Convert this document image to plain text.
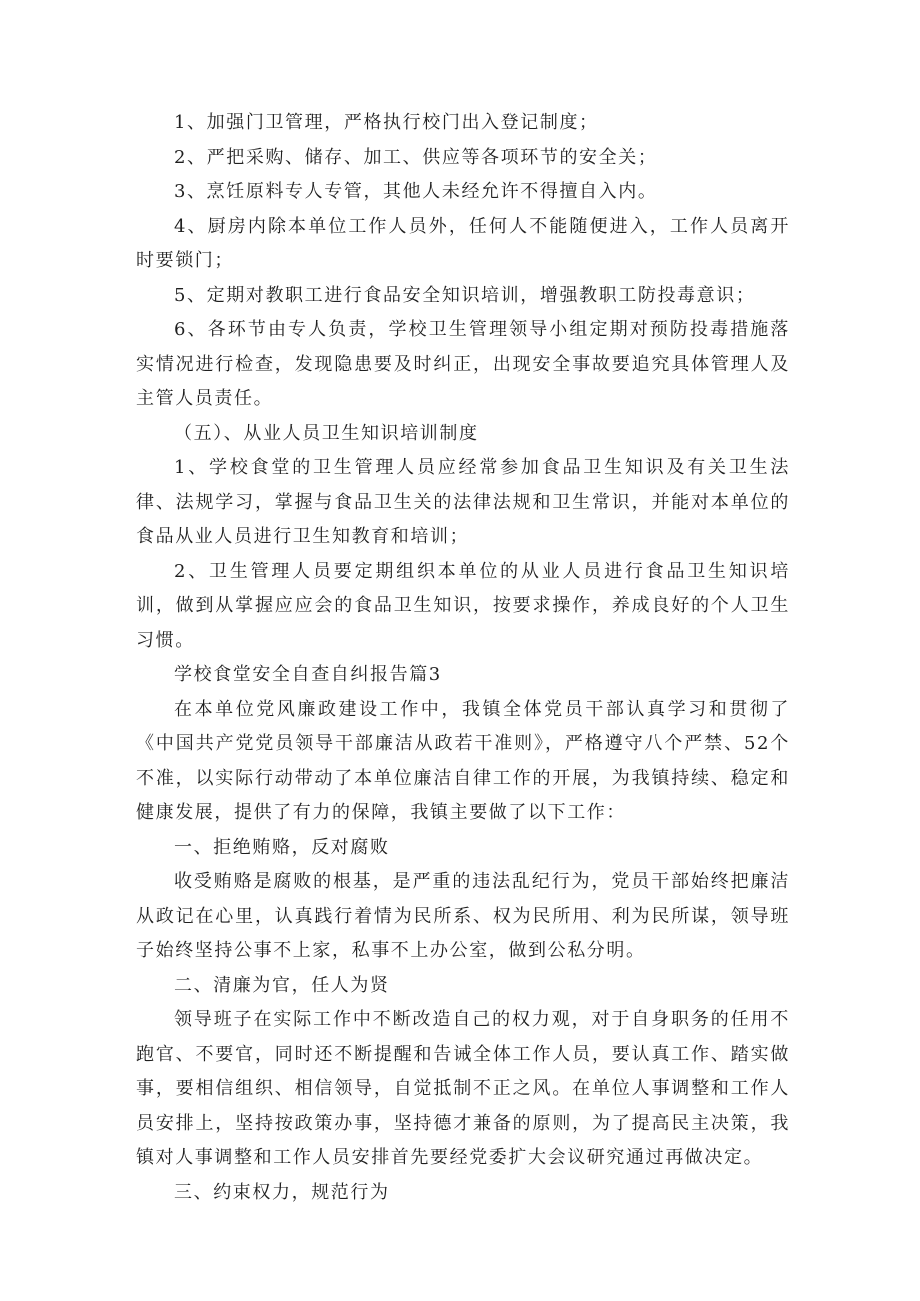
1、加强门卫管理，严格执行校门出入登记制度；

2、严把采购、储存、加工、供应等各项环节的安全关；

3、烹饪原料专人专管，其他人未经允许不得擅自入内。

4、厨房内除本单位工作人员外，任何人不能随便进入，工作人员离开时要锁门；

5、定期对教职工进行食品安全知识培训，增强教职工防投毒意识；

6、各环节由专人负责，学校卫生管理领导小组定期对预防投毒措施落实情况进行检查，发现隐患要及时纠正，出现安全事故要追究具体管理人及主管人员责任。

（五）、从业人员卫生知识培训制度

1、学校食堂的卫生管理人员应经常参加食品卫生知识及有关卫生法律、法规学习，掌握与食品卫生关的法律法规和卫生常识，并能对本单位的食品从业人员进行卫生知教育和培训；

2、卫生管理人员要定期组织本单位的从业人员进行食品卫生知识培训，做到从掌握应应会的食品卫生知识，按要求操作，养成良好的个人卫生习惯。

学校食堂安全自查自纠报告篇3

在本单位党风廉政建设工作中，我镇全体党员干部认真学习和贯彻了《中国共产党党员领导干部廉洁从政若干准则》，严格遵守八个严禁、52个不准，以实际行动带动了本单位廉洁自律工作的开展，为我镇持续、稳定和健康发展，提供了有力的保障，我镇主要做了以下工作：

一、拒绝贿赂，反对腐败

收受贿赂是腐败的根基，是严重的违法乱纪行为，党员干部始终把廉洁从政记在心里，认真践行着情为民所系、权为民所用、利为民所谋，领导班子始终坚持公事不上家，私事不上办公室，做到公私分明。

二、清廉为官，任人为贤

领导班子在实际工作中不断改造自己的权力观，对于自身职务的任用不跑官、不要官，同时还不断提醒和告诫全体工作人员，要认真工作、踏实做事，要相信组织、相信领导，自觉抵制不正之风。在单位人事调整和工作人员安排上，坚持按政策办事，坚持德才兼备的原则，为了提高民主决策，我镇对人事调整和工作人员安排首先要经党委扩大会议研究通过再做决定。

三、约束权力，规范行为
